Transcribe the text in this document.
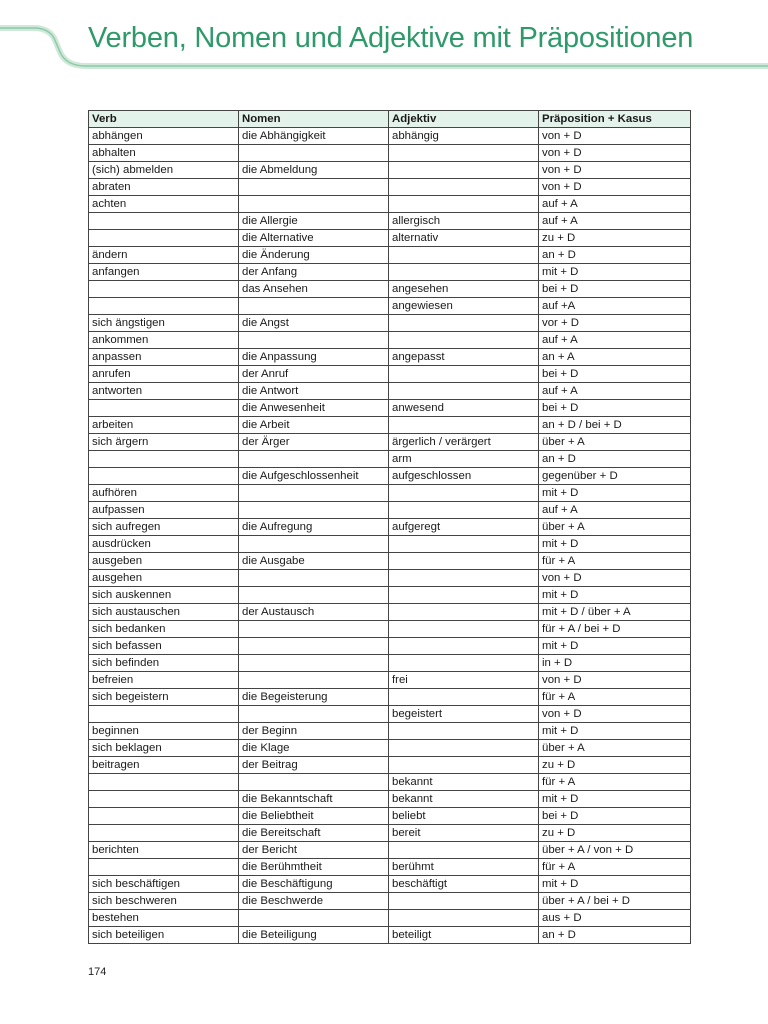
Verben, Nomen und Adjektive mit Präpositionen
Verb	Nomen	Adjektiv	Präposition + Kasus
abhängen	die Abhängigkeit	abhängig	von + D
abhalten			von + D
(sich) abmelden	die Abmeldung		von + D
abraten			von + D
achten			auf + A
	die Allergie	allergisch	auf + A
	die Alternative	alternativ	zu + D
ändern	die Änderung		an + D
anfangen	der Anfang		mit + D
	das Ansehen	angesehen	bei + D
		angewiesen	auf +A
sich ängstigen	die Angst		vor + D
ankommen			auf + A
anpassen	die Anpassung	angepasst	an + A
anrufen	der Anruf		bei + D
antworten	die Antwort		auf + A
	die Anwesenheit	anwesend	bei + D
arbeiten	die Arbeit		an + D / bei + D
sich ärgern	der Ärger	ärgerlich / verärgert	über + A
		arm	an + D
	die Aufgeschlossenheit	aufgeschlossen	gegenüber + D
aufhören			mit + D
aufpassen			auf + A
sich aufregen	die Aufregung	aufgeregt	über + A
ausdrücken			mit + D
ausgeben	die Ausgabe		für + A
ausgehen			von + D
sich auskennen			mit + D
sich austauschen	der Austausch		mit + D / über + A
sich bedanken			für + A / bei + D
sich befassen			mit + D
sich befinden			in + D
befreien		frei	von + D
sich begeistern	die Begeisterung		für + A
		begeistert	von + D
beginnen	der Beginn		mit + D
sich beklagen	die Klage		über + A
beitragen	der Beitrag		zu + D
		bekannt	für + A
	die Bekanntschaft	bekannt	mit + D
	die Beliebtheit	beliebt	bei + D
	die Bereitschaft	bereit	zu + D
berichten	der Bericht		über + A / von + D
	die Berühmtheit	berühmt	für + A
sich beschäftigen	die Beschäftigung	beschäftigt	mit + D
sich beschweren	die Beschwerde		über + A / bei + D
bestehen			aus + D
sich beteiligen	die Beteiligung	beteiligt	an + D
174
